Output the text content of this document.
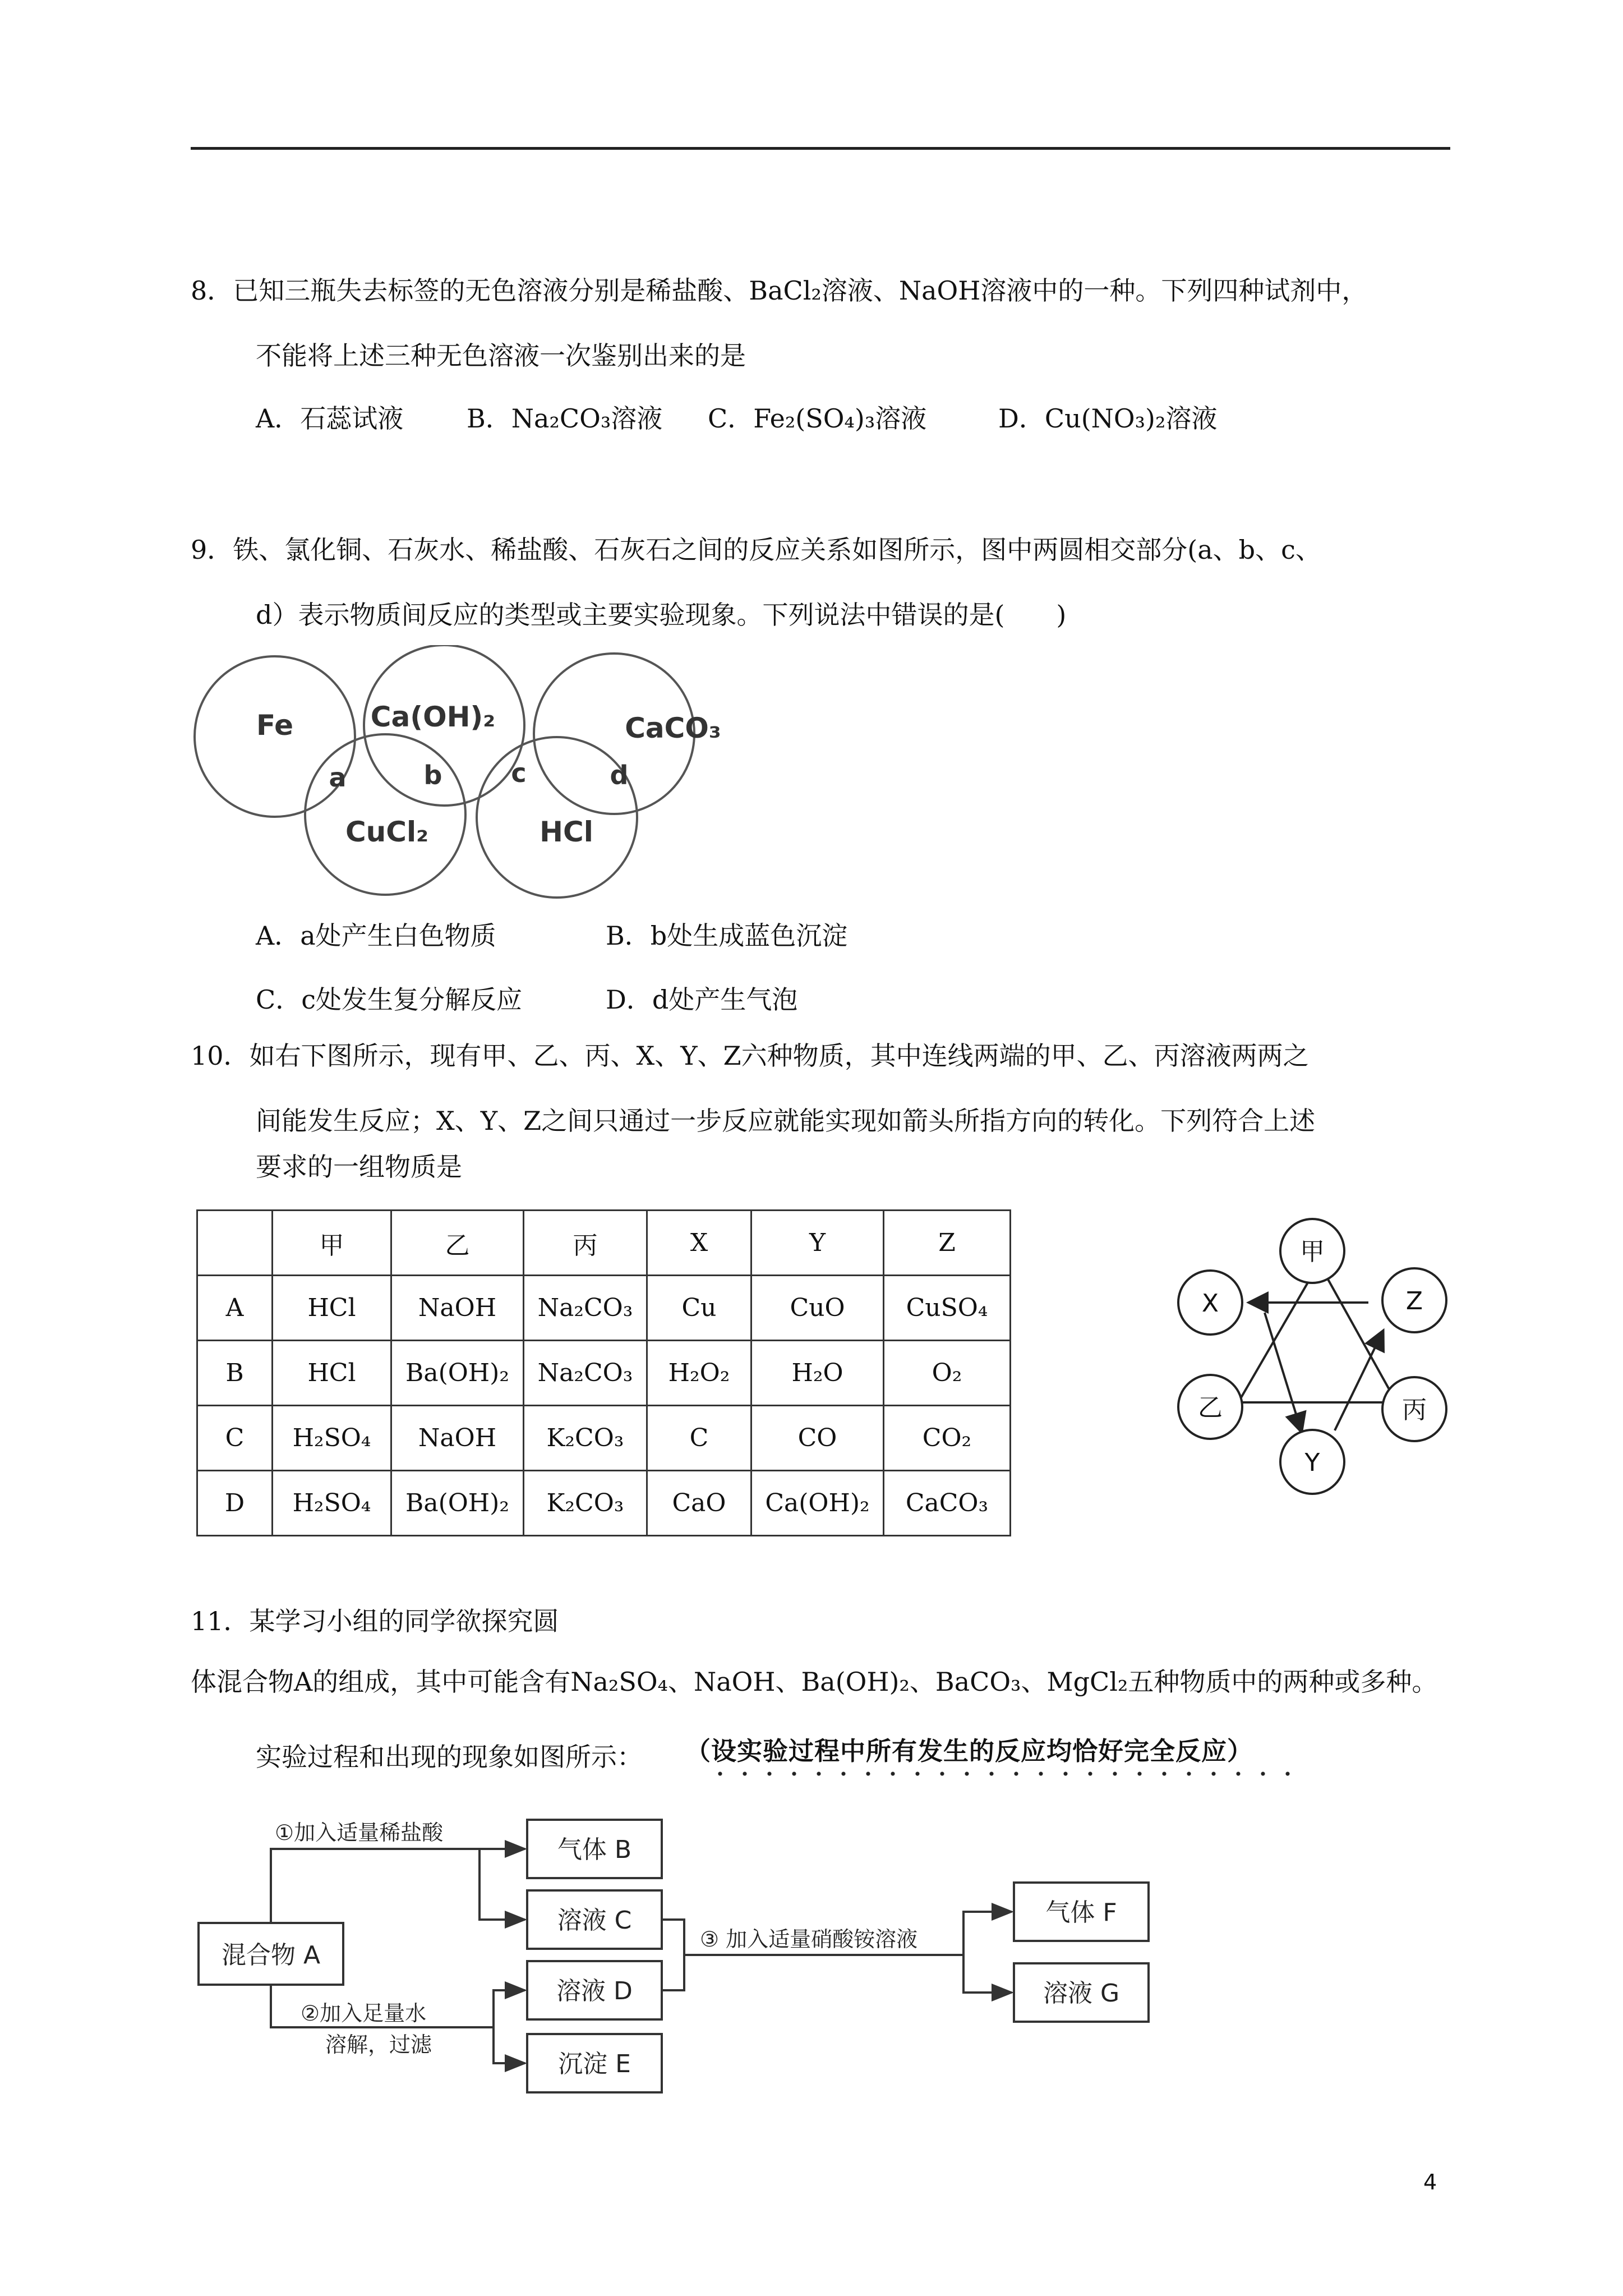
8．已知三瓶失去标签的无色溶液分别是稀盐酸、BaCl₂溶液、NaOH溶液中的一种。下列四种试剂中，
不能将上述三种无色溶液一次鉴别出来的是
A．石蕊试液 B．Na₂CO₃溶液 C．Fe₂(SO₄)₃溶液	D．Cu(NO₃)₂溶液
9．铁、氯化铜、石灰水、稀盐酸、石灰石之间的反应关系如图所示，图中两圆相交部分(a、b、c、
d）表示物质间反应的类型或主要实验现象。下列说法中错误的是(　　)
Fe	Ca(OH)₂	CaCO₃
CuCl₂	HCl
a	b	c	d
A．a处产生白色物质	B．b处生成蓝色沉淀
C．c处发生复分解反应	D．d处产生气泡
10．如右下图所示，现有甲、乙、丙、X、Y、Z六种物质，其中连线两端的甲、乙、丙溶液两两之
间能发生反应；X、Y、Z之间只通过一步反应就能实现如箭头所指方向的转化。下列符合上述
要求的一组物质是
	甲	乙	丙	X	Y	Z
A	HCl	NaOH	Na₂CO₃	Cu	CuO	CuSO₄
B	HCl	Ba(OH)₂	Na₂CO₃	H₂O₂	H₂O	O₂
C	H₂SO₄	NaOH	K₂CO₃	C	CO	CO₂
D	H₂SO₄	Ba(OH)₂	K₂CO₃	CaO	Ca(OH)₂	CaCO₃
甲
X	Z
乙	丙
Y
11．某学习小组的同学欲探究圆
体混合物A的组成，其中可能含有Na₂SO₄、NaOH、Ba(OH)₂、BaCO₃、MgCl₂五种物质中的两种或多种。
实验过程和出现的现象如图所示： （设实验过程中所有发生的反应均恰好完全反应）
混合物 A
气体 B
溶液 C
溶液 D
沉淀 E
气体 F
溶液 G
①加入适量稀盐酸
②加入足量水
溶解，过滤
③ 加入适量硝酸铵溶液
4
